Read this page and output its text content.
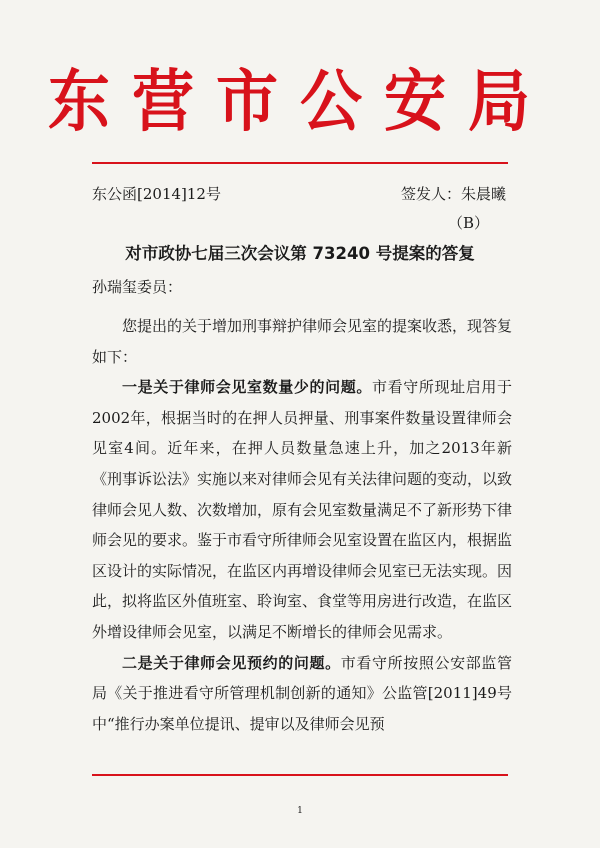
东营市公安局
东公函[2014]12号	签发人：朱晨曦
（B）
对市政协七届三次会议第 73240 号提案的答复
孙瑞玺委员：

您提出的关于增加刑事辩护律师会见室的提案收悉，现答复如下：

一是关于律师会见室数量少的问题。市看守所现址启用于2002年，根据当时的在押人员押量、刑事案件数量设置律师会见室4间。近年来，在押人员数量急速上升，加之2013年新《刑事诉讼法》实施以来对律师会见有关法律问题的变动，以致律师会见人数、次数增加，原有会见室数量满足不了新形势下律师会见的要求。鉴于市看守所律师会见室设置在监区内，根据监区设计的实际情况，在监区内再增设律师会见室已无法实现。因此，拟将监区外值班室、聆询室、食堂等用房进行改造，在监区外增设律师会见室，以满足不断增长的律师会见需求。

二是关于律师会见预约的问题。市看守所按照公安部监管局《关于推进看守所管理机制创新的通知》公监管[2011]49号中“推行办案单位提讯、提审以及律师会见预

1
